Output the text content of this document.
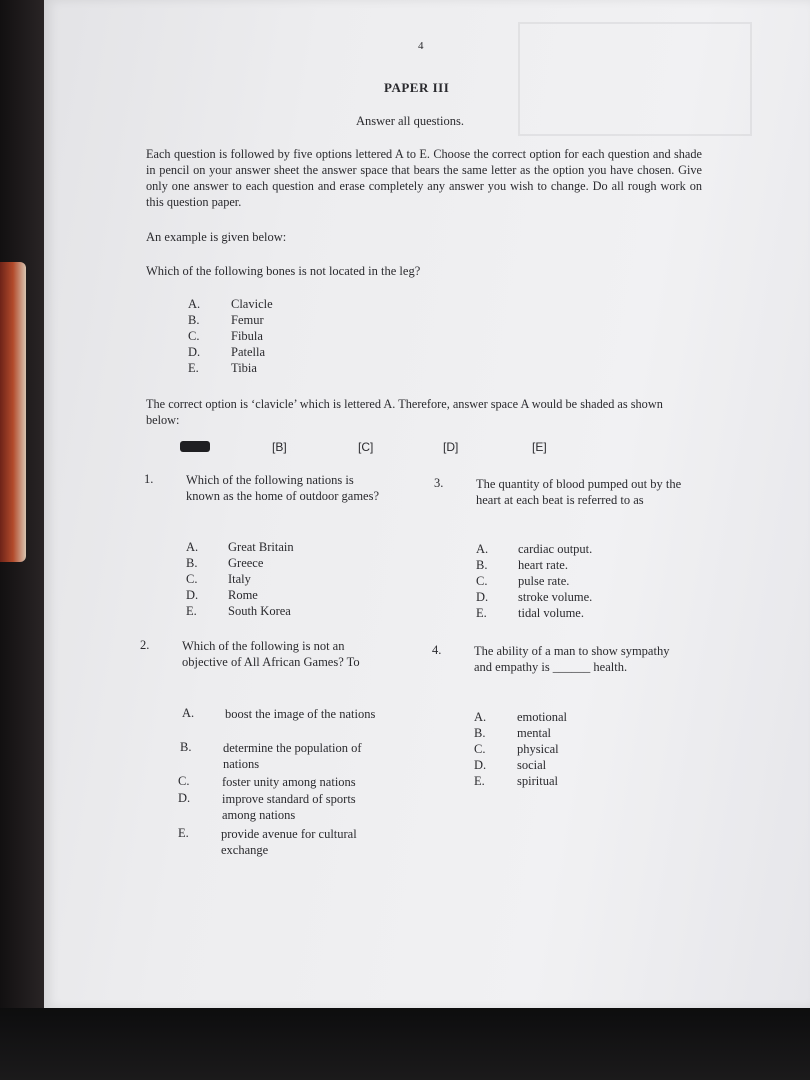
4
PAPER III
Answer all questions.
Each question is followed by five options lettered A to E. Choose the correct option for each question and shade in pencil on your answer sheet the answer space that bears the same letter as the option you have chosen. Give only one answer to each question and erase completely any answer you wish to change. Do all rough work on this question paper.
An example is given below:
Which of the following bones is not located in the leg?
A. Clavicle
B.	Femur
C.	Fibula
D. Patella
E.	Tibia
The correct option is ‘clavicle’ which is lettered A. Therefore, answer space A would be shaded as shown below:
[B]	[C]	[D]	[E]
1.	Which of the following nations is known as the home of outdoor games?
A. Great Britain
B. Greece
C. Italy
D. Rome
E. South Korea
3.	The quantity of blood pumped out by the heart at each beat is referred to as
A. cardiac output.
B. heart rate.
C. pulse rate.
D. stroke volume.
E. tidal volume.
2.	Which of the following is not an objective of All African Games? To
A. boost the image of the nations
B.	determine the population of nations
C.	foster unity among nations
D.	improve standard of sports among nations
E.	provide avenue for cultural exchange
4.	The ability of a man to show sympathy and empathy is ______ health.
A. emotional
B.	mental
C.	physical
D. social
E.	spiritual
